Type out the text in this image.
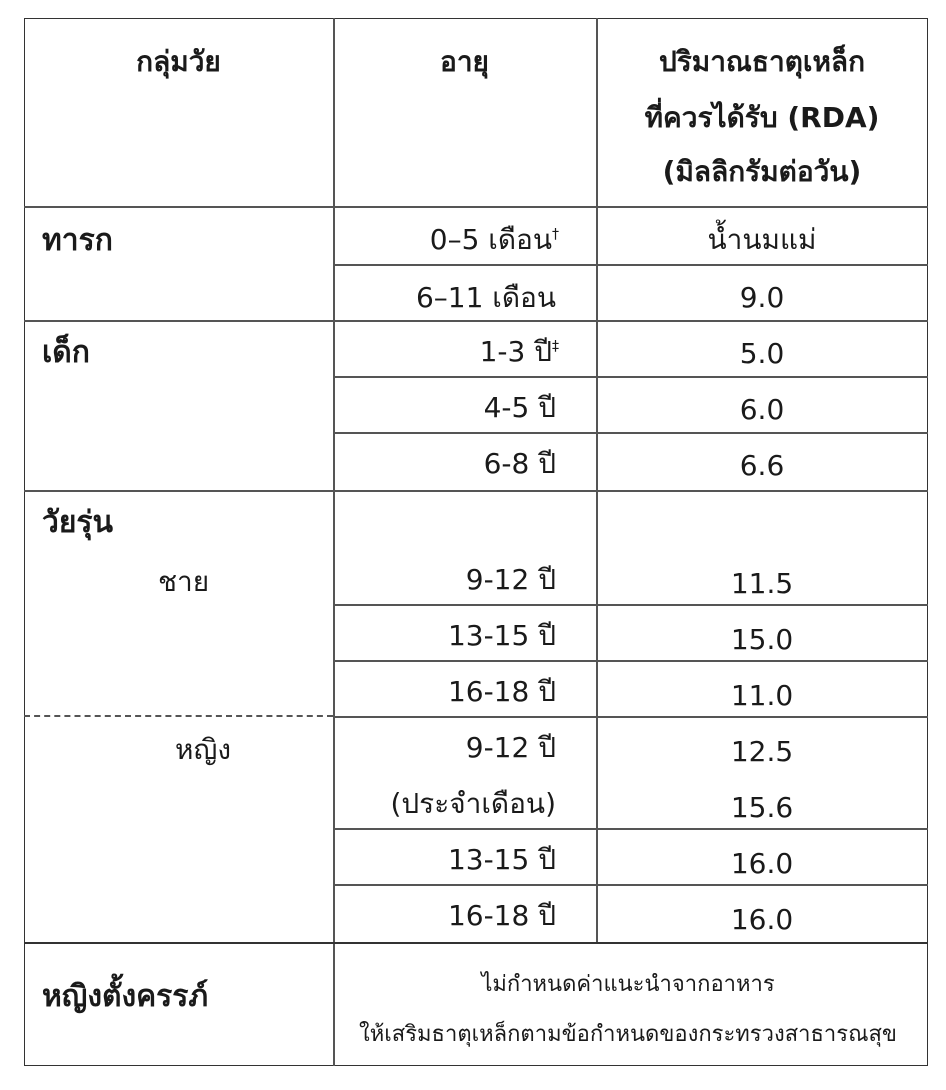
กลุ่มวัย	อายุ	ปริมาณธาตุเหล็ก
ที่ควรได้รับ (RDA)
(มิลลิกรัมต่อวัน)
ทารก
เด็ก
วัยรุ่น
ชาย
หญิง
หญิงตั้งครรภ์
0–5 เดือน†
6–11 เดือน
1-3 ปี‡
4-5 ปี
6-8 ปี
9-12 ปี
13-15 ปี
16-18 ปี
9-12 ปี
(ประจำเดือน)
13-15 ปี
16-18 ปี
น้ำนมแม่
9.0
5.0
6.0
6.6
11.5
15.0
11.0
12.5
15.6
16.0
16.0
ไม่กำหนดค่าแนะนำจากอาหาร
ให้เสริมธาตุเหล็กตามข้อกำหนดของกระทรวงสาธารณสุข
